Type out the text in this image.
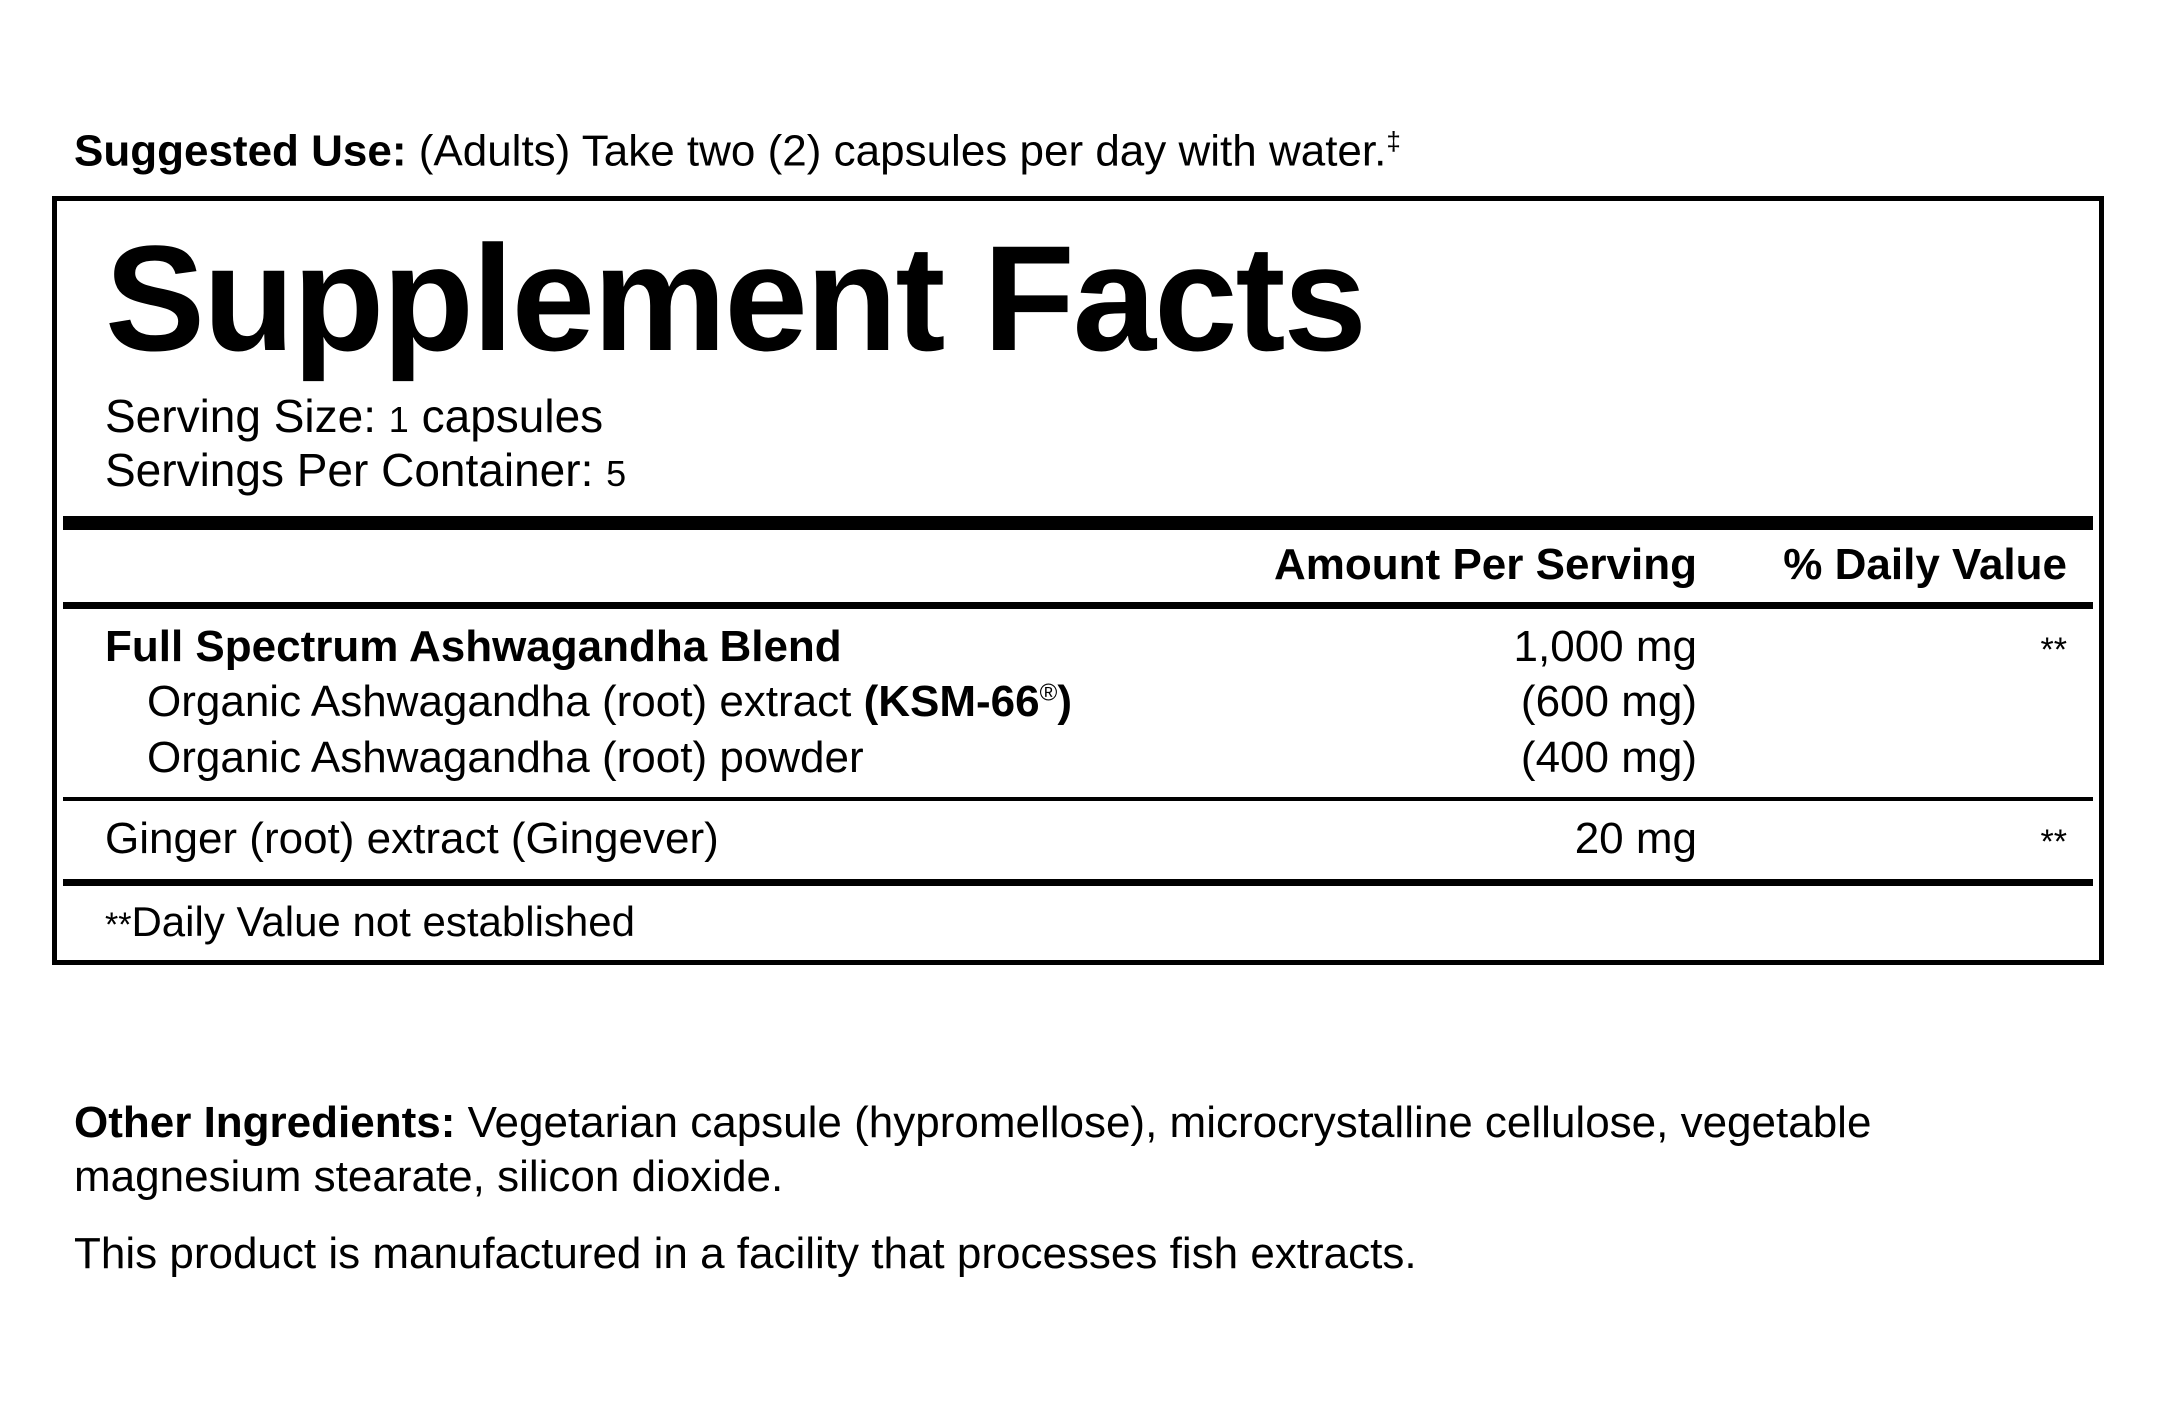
Suggested Use: (Adults) Take two (2) capsules per day with water.‡
Supplement Facts
Serving Size: 1 capsules
Servings Per Container: 5
Amount Per Serving	% Daily Value
Full Spectrum Ashwagandha Blend	1,000 mg	**
Organic Ashwagandha (root) extract (KSM-66®)	(600 mg)
Organic Ashwagandha (root) powder	(400 mg)
Ginger (root) extract (Gingever)	20 mg	**
**Daily Value not established
Other Ingredients: Vegetarian capsule (hypromellose), microcrystalline cellulose, vegetable magnesium stearate, silicon dioxide.
This product is manufactured in a facility that processes fish extracts.
